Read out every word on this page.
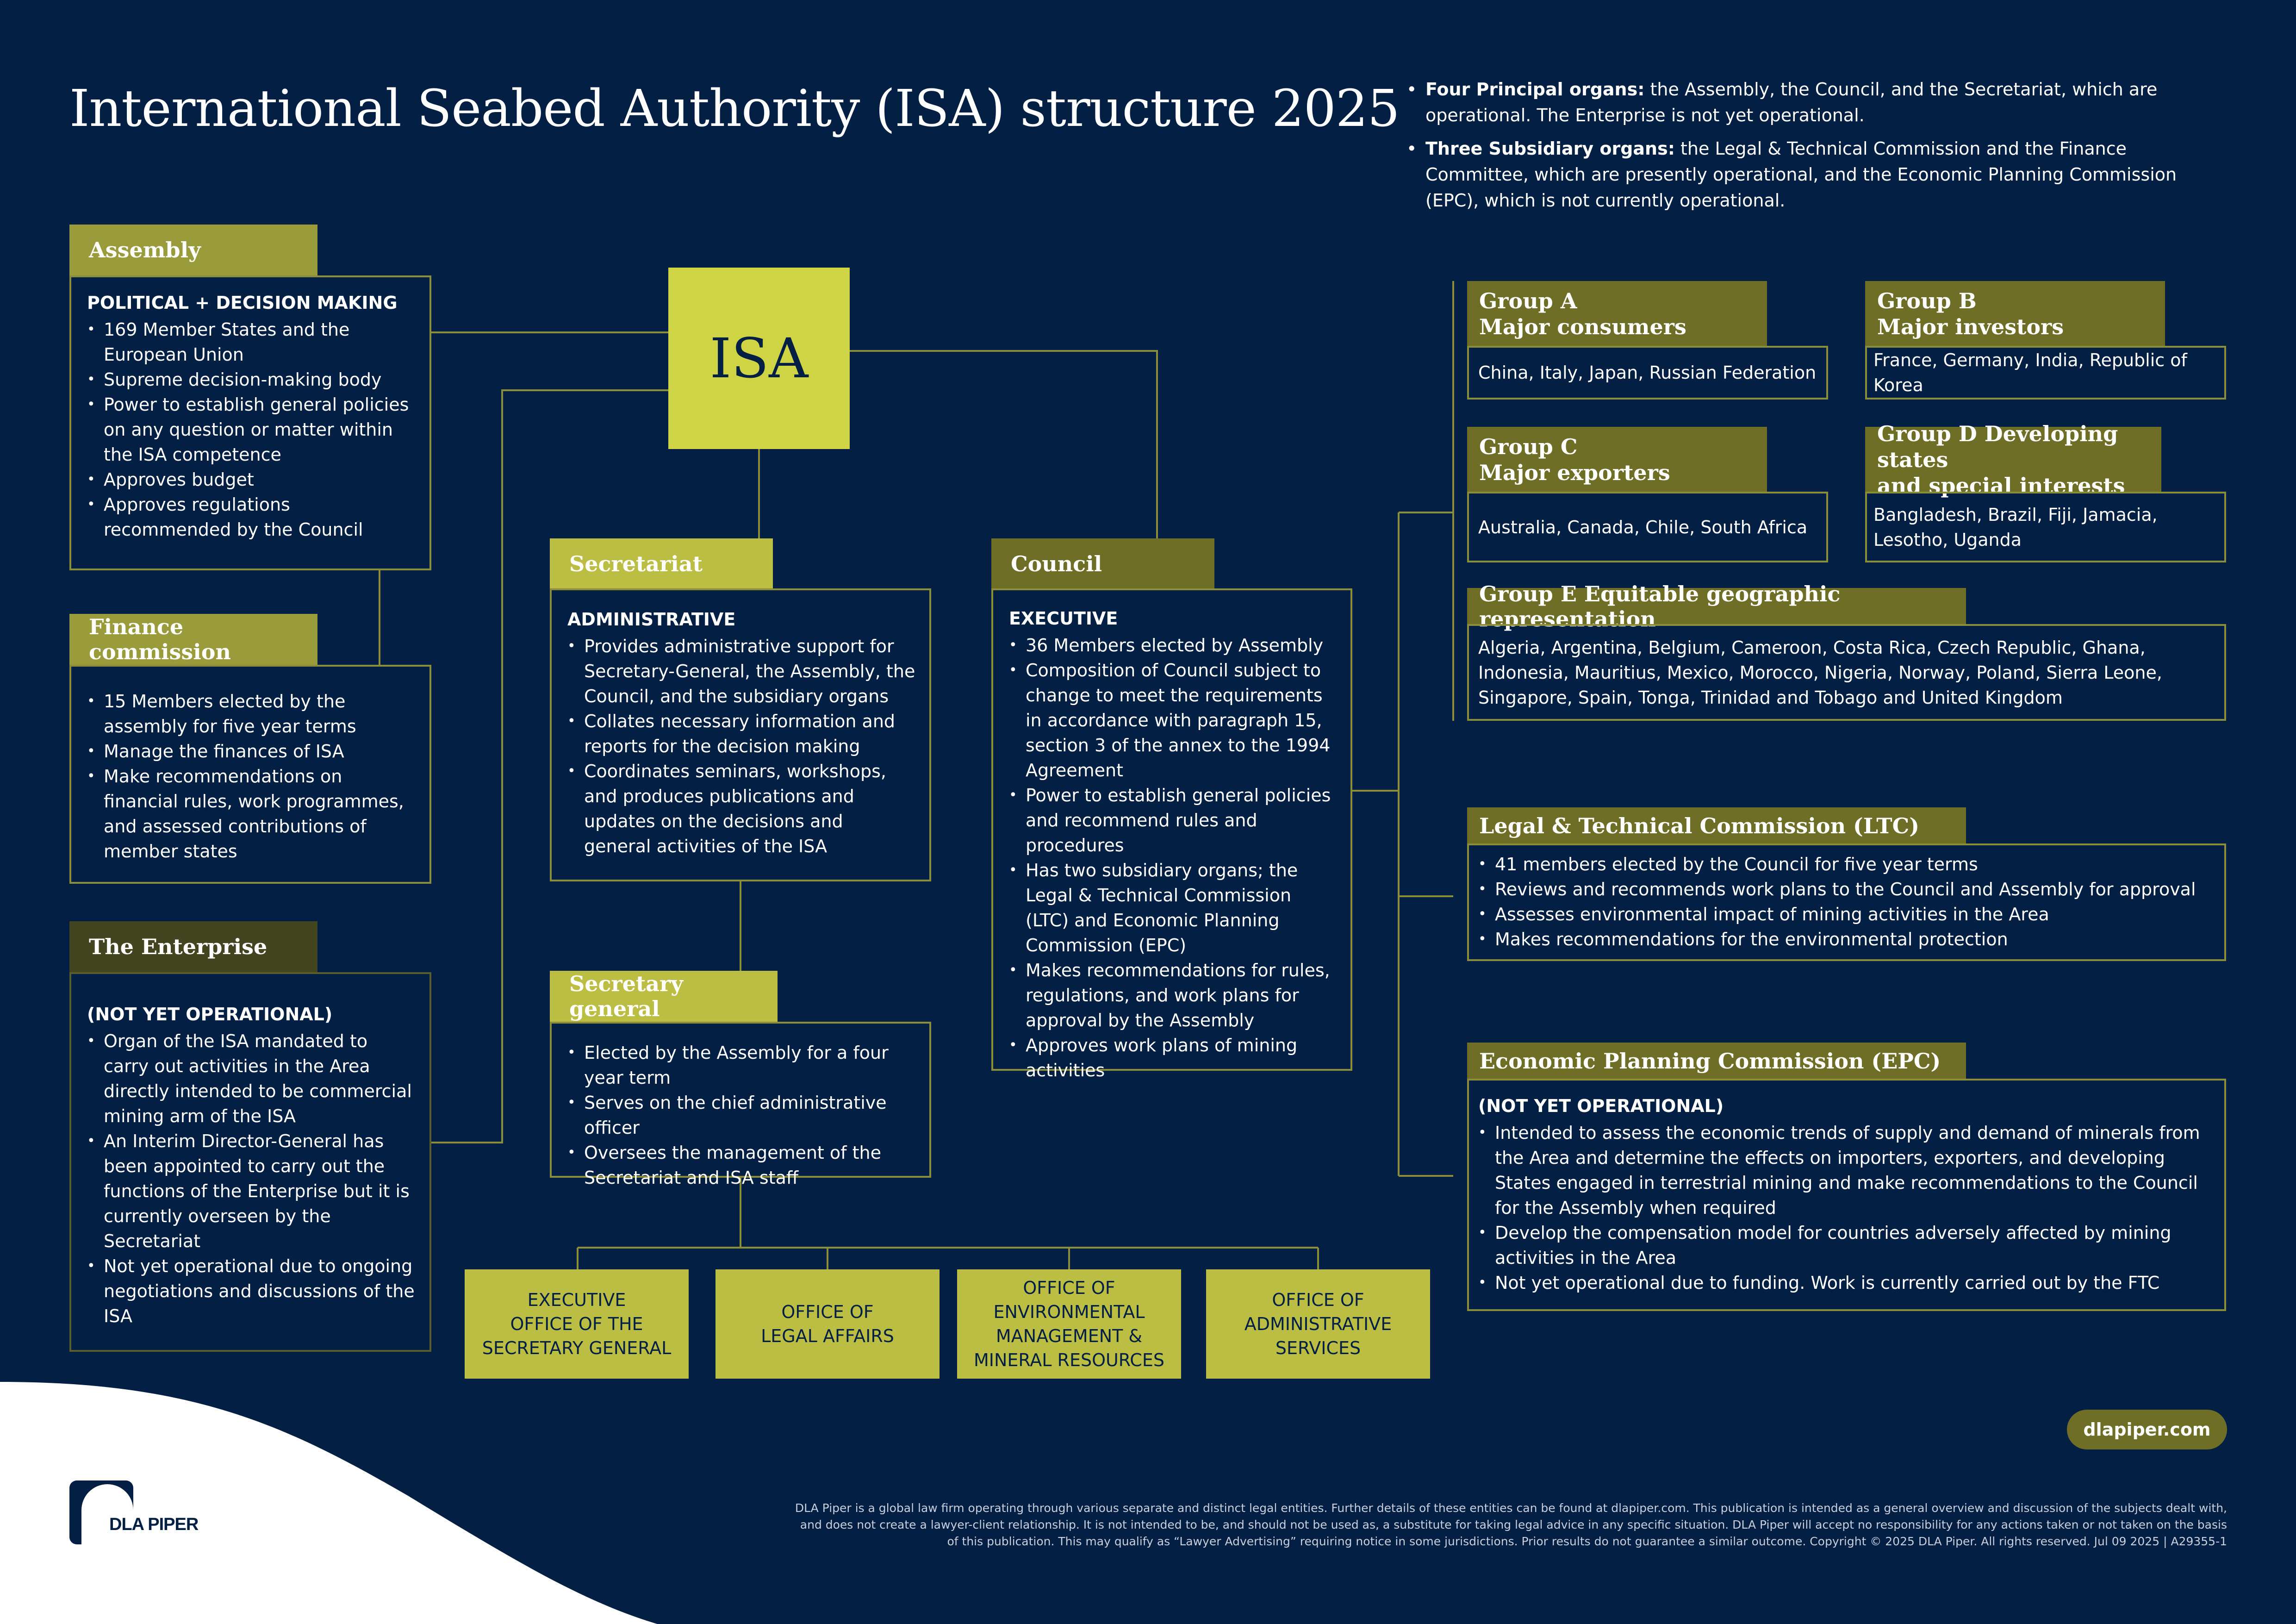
International Seabed Authority (ISA) structure 2025
•	Four Principal organs: the Assembly, the Council, and the Secretariat, which are operational. The Enterprise is not yet operational.
• Three Subsidiary organs: the Legal & Technical Commission and the Finance Committee, which are presently operational, and the Economic Planning Commission (EPC), which is not currently operational.
ISA
Assembly
POLITICAL + DECISION MAKING
• 169 Member States and the European Union
• Supreme decision-making body
• Power to establish general policies on any question or matter within the ISA competence
• Approves budget
• Approves regulations recommended by the Council
Finance commission
• 15 Members elected by the assembly for five year terms
• Manage the finances of ISA
• Make recommendations on financial rules, work programmes, and assessed contributions of member states
The Enterprise
(NOT YET OPERATIONAL)
• Organ of the ISA mandated to carry out activities in the Area directly intended to be commercial mining arm of the ISA
• An Interim Director-General has been appointed to carry out the functions of the Enterprise but it is currently overseen by the Secretariat
• Not yet operational due to ongoing negotiations and discussions of the ISA
Secretariat
ADMINISTRATIVE
• Provides administrative support for Secretary-General, the Assembly, the Council, and the subsidiary organs
• Collates necessary information and reports for the decision making
• Coordinates seminars, workshops, and produces publications and updates on the decisions and general activities of the ISA
Secretary general
• Elected by the Assembly for a four year term
• Serves on the chief administrative officer
• Oversees the management of the Secretariat and ISA staff
Council
EXECUTIVE
• 36 Members elected by Assembly
• Composition of Council subject to change to meet the requirements in accordance with paragraph 15, section 3 of the annex to the 1994 Agreement
• Power to establish general policies and recommend rules and procedures
• Has two subsidiary organs; the Legal & Technical Commission (LTC) and Economic Planning Commission (EPC)
• Makes recommendations for rules, regulations, and work plans for approval by the Assembly
• Approves work plans of mining activities
EXECUTIVE
OFFICE OF THE
SECRETARY GENERAL
OFFICE OF
LEGAL AFFAIRS
OFFICE OF
ENVIRONMENTAL
MANAGEMENT &
MINERAL RESOURCES
OFFICE OF
ADMINISTRATIVE
SERVICES
Group A
Major consumers
China, Italy, Japan, Russian Federation
Group B
Major investors
France, Germany, India, Republic of Korea
Group C
Major exporters
Australia, Canada, Chile, South Africa
Group D Developing states
and special interests
Bangladesh, Brazil, Fiji, Jamacia, Lesotho, Uganda
Group E Equitable geographic representation
Algeria, Argentina, Belgium, Cameroon, Costa Rica, Czech Republic, Ghana, Indonesia, Mauritius, Mexico, Morocco, Nigeria, Norway, Poland, Sierra Leone, Singapore, Spain, Tonga, Trinidad and Tobago and United Kingdom
Legal & Technical Commission (LTC)
• 41 members elected by the Council for five year terms
• Reviews and recommends work plans to the Council and Assembly for approval
• Assesses environmental impact of mining activities in the Area
• Makes recommendations for the environmental protection
Economic Planning Commission (EPC)
(NOT YET OPERATIONAL)
• Intended to assess the economic trends of supply and demand of minerals from the Area and determine the effects on importers, exporters, and developing States engaged in terrestrial mining and make recommendations to the Council for the Assembly when required
• Develop the compensation model for countries adversely affected by mining activities in the Area
• Not yet operational due to funding. Work is currently carried out by the FTC
dlapiper.com
DLA PIPER
DLA Piper is a global law firm operating through various separate and distinct legal entities. Further details of these entities can be found at dlapiper.com. This publication is intended as a general overview and discussion of the subjects dealt with, and does not create a lawyer-client relationship. It is not intended to be, and should not be used as, a substitute for taking legal advice in any specific situation. DLA Piper will accept no responsibility for any actions taken or not taken on the basis of this publication. This may qualify as “Lawyer Advertising” requiring notice in some jurisdictions. Prior results do not guarantee a similar outcome. Copyright © 2025 DLA Piper. All rights reserved. Jul 09 2025 | A29355-1
